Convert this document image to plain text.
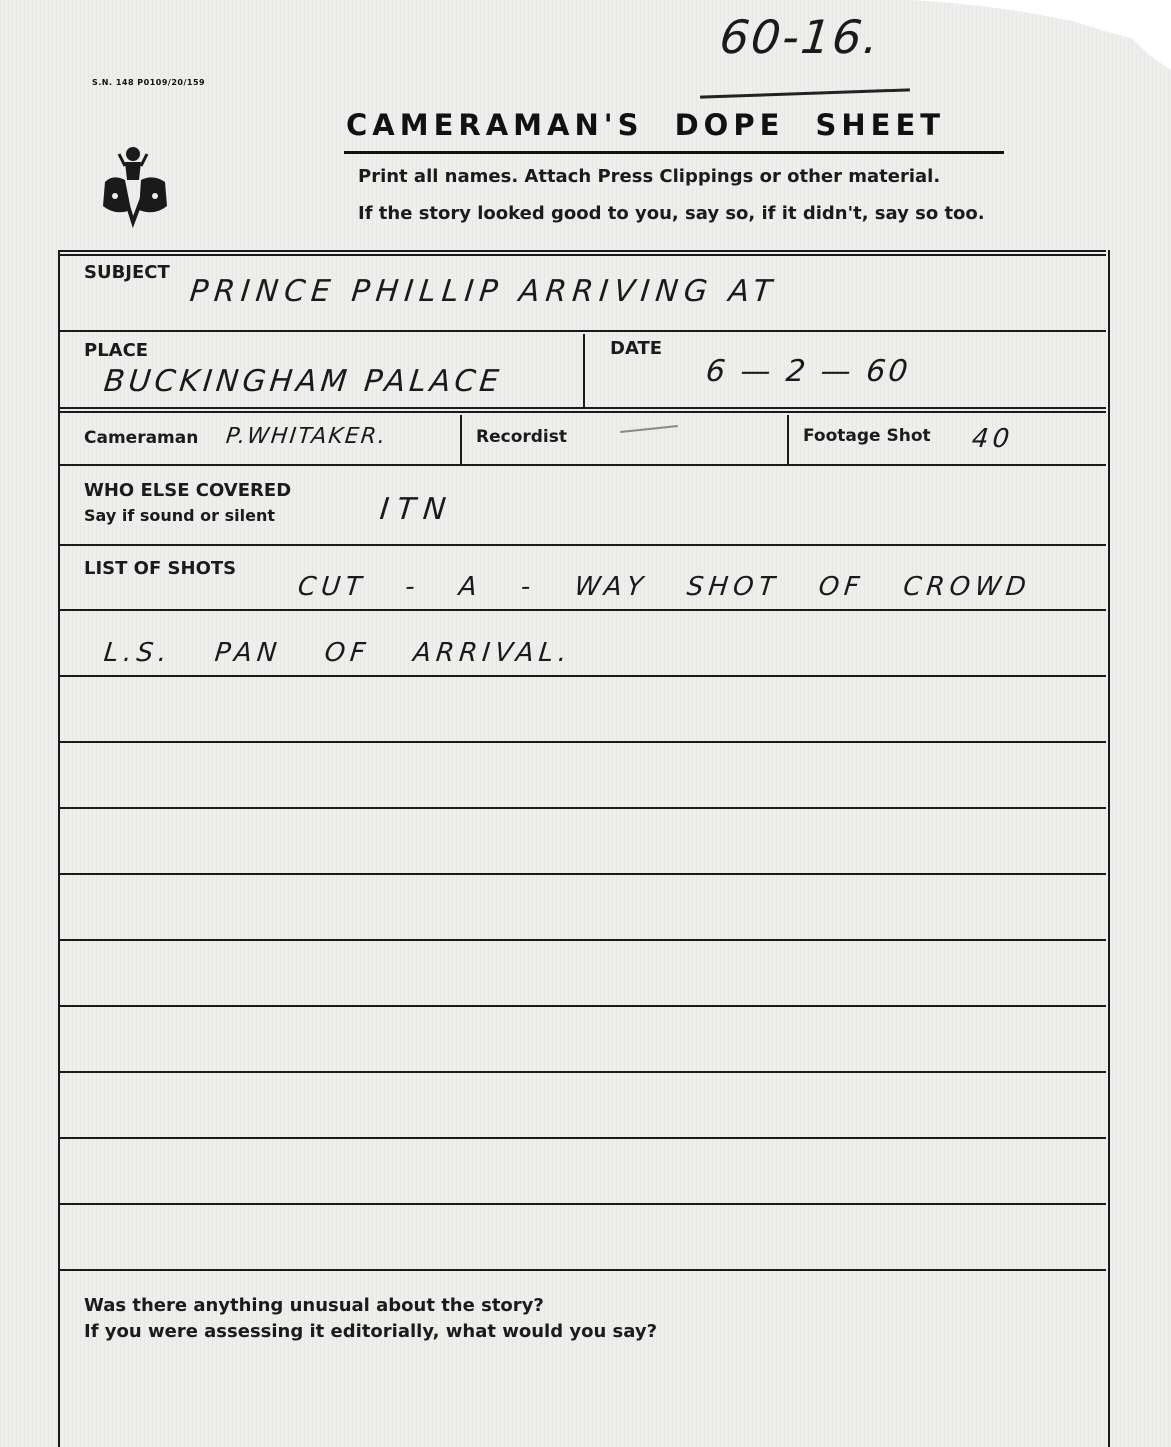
S.N. 148 P0109/20/159
60-16.
CAMERAMAN'S DOPE SHEET
Print all names. Attach Press Clippings or other material.
If the story looked good to you, say so, if it didn't, say so too.
SUBJECT
PRINCE PHILLIP ARRIVING AT
PLACE
BUCKINGHAM PALACE
DATE
6 — 2 — 60
Cameraman P.WHITAKER.	Recordist	Footage Shot 40
WHO ELSE COVERED
Say if sound or silent	ITN
LIST OF SHOTS
CUT - A - WAY SHOT OF CROWD
L.S. PAN OF ARRIVAL.
Was there anything unusual about the story?
If you were assessing it editorially, what would you say?
